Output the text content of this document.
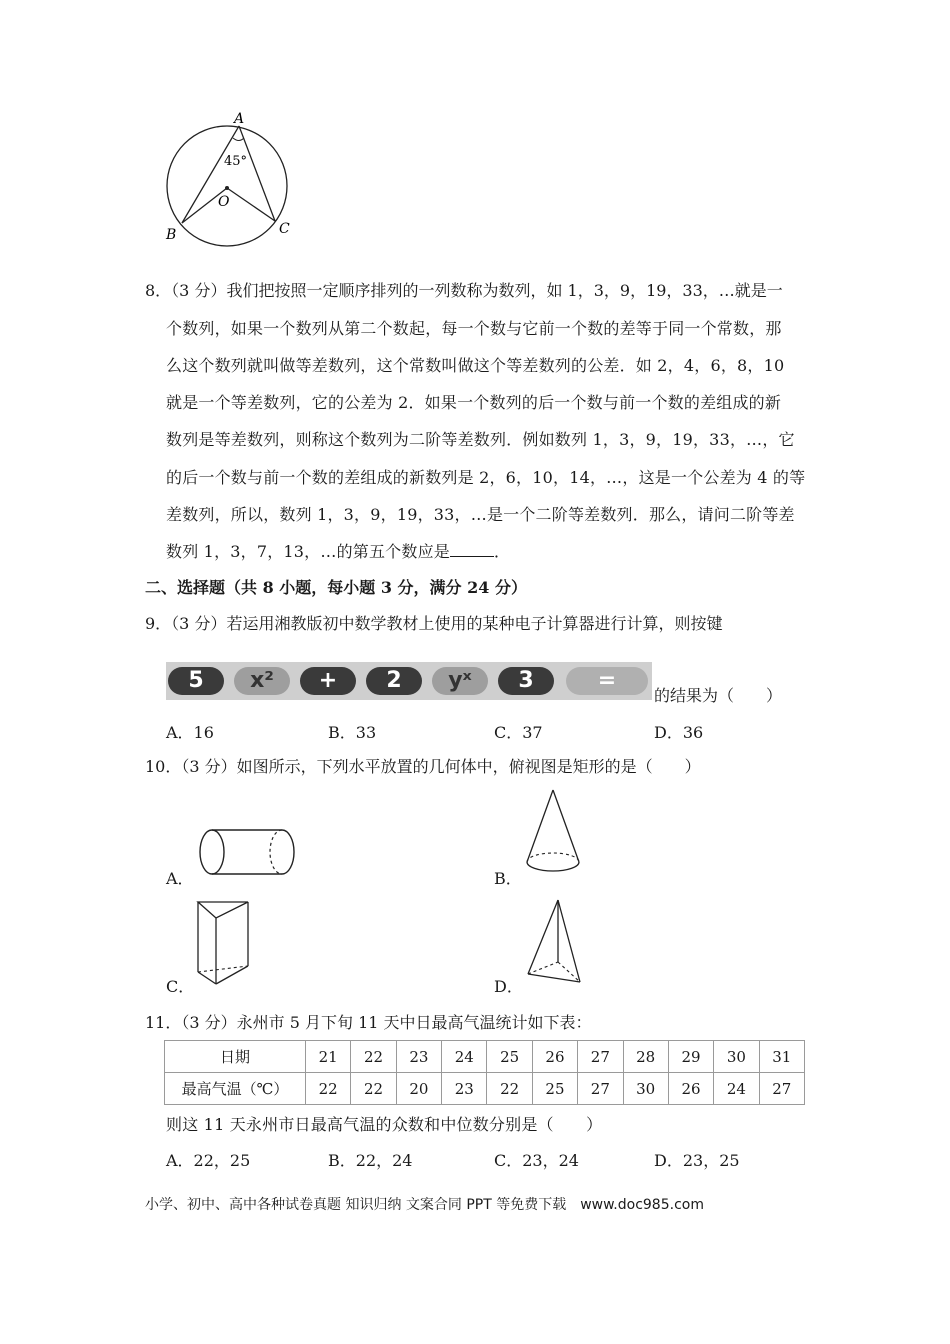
A
45°
O
B	C
8．（3 分）我们把按照一定顺序排列的一列数称为数列，如 1，3，9，19，33，…就是一
个数列，如果一个数列从第二个数起，每一个数与它前一个数的差等于同一个常数，那
么这个数列就叫做等差数列，这个常数叫做这个等差数列的公差．如 2，4，6，8，10
就是一个等差数列，它的公差为 2．如果一个数列的后一个数与前一个数的差组成的新
数列是等差数列，则称这个数列为二阶等差数列．例如数列 1，3，9，19，33，…，它
的后一个数与前一个数的差组成的新数列是 2，6，10，14，…，这是一个公差为 4 的等
差数列，所以，数列 1，3，9，19，33，…是一个二阶等差数列．那么，请问二阶等差
数列 1，3，7，13，…的第五个数应是	．
二、选择题（共 8 小题，每小题 3 分，满分 24 分）
9．（3 分）若运用湘教版初中数学教材上使用的某种电子计算器进行计算，则按键
5	x²	+	2	yˣ	3	=
的结果为（　　）
A．16	B．33	C．37	D．36
10．（3 分）如图所示，下列水平放置的几何体中，俯视图是矩形的是（　　）
A．	B．
C．	D．
11．（3 分）永州市 5 月下旬 11 天中日最高气温统计如下表：
日期	21	22	23	24	25	26	27	28	29	30	31
最高气温（℃）	22	22	20	23	22	25	27	30	26	24	27
则这 11 天永州市日最高气温的众数和中位数分别是（　　）
A．22，25	B．22，24	C．23，24	D．23，25
小学、初中、高中各种试卷真题 知识归纳 文案合同 PPT 等免费下载　www.doc985.com
